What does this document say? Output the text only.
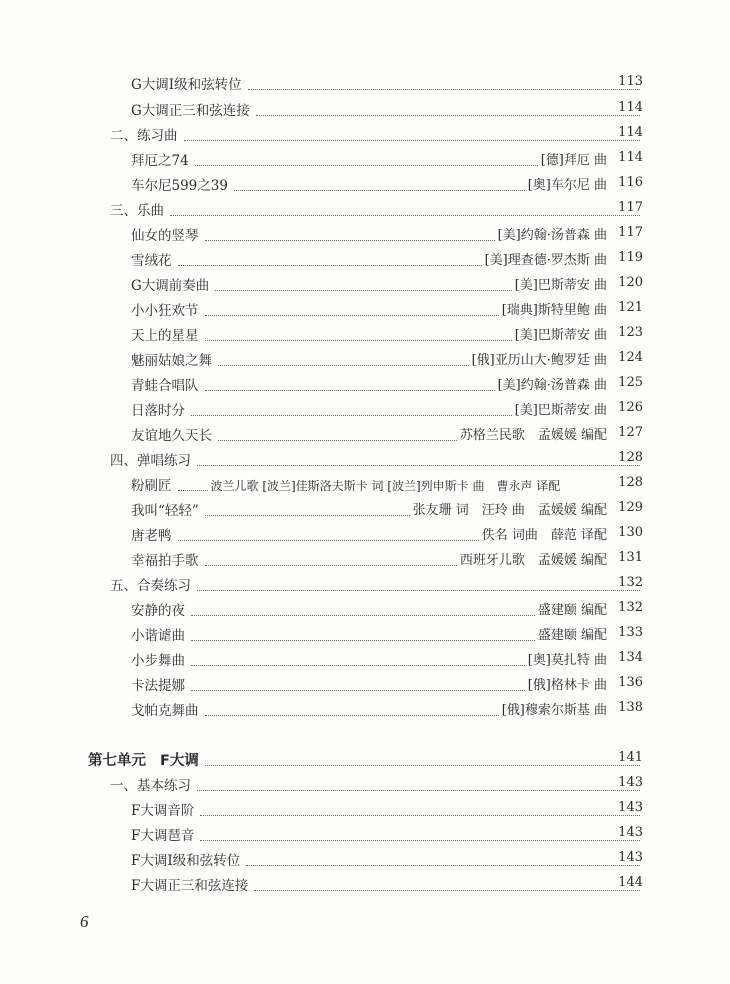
G大调Ⅰ级和弦转位	113
G大调正三和弦连接	114
二、练习曲	114
拜厄之74	[德]拜厄 曲 114
车尔尼599之39	[奥]车尔尼 曲 116
三、乐曲	117
仙女的竖琴	[美]约翰·汤普森 曲 117
雪绒花	[美]理查德·罗杰斯 曲 119
G大调前奏曲	[美]巴斯蒂安 曲 120
小小狂欢节	[瑞典]斯特里鲍 曲 121
天上的星星	[美]巴斯蒂安 曲 123
魅丽姑娘之舞	[俄]亚历山大·鲍罗廷 曲 124
青蛙合唱队	[美]约翰·汤普森 曲 125
日落时分	[美]巴斯蒂安 曲 126
友谊地久天长	苏格兰民歌　孟媛媛 编配 127
四、弹唱练习	128
粉刷匠	波兰儿歌 [波兰]佳斯洛夫斯卡 词 [波兰]列申斯卡 曲　曹永声 译配	128
我叫“轻轻”	张友珊 词　汪玲 曲　孟媛媛 编配 129
唐老鸭	佚名 词曲　薛范 译配 130
幸福拍手歌	西班牙儿歌　孟媛媛 编配 131
五、合奏练习	132
安静的夜	盛建颐 编配 132
小谐谑曲	盛建颐 编配 133
小步舞曲	[奥]莫扎特 曲 134
卡法提娜	[俄]格林卡 曲 136
戈帕克舞曲	[俄]穆索尔斯基 曲 138
第七单元 F大调	141
一、基本练习	143
F大调音阶	143
F大调琶音	143
F大调Ⅰ级和弦转位	143
F大调正三和弦连接	144
6
